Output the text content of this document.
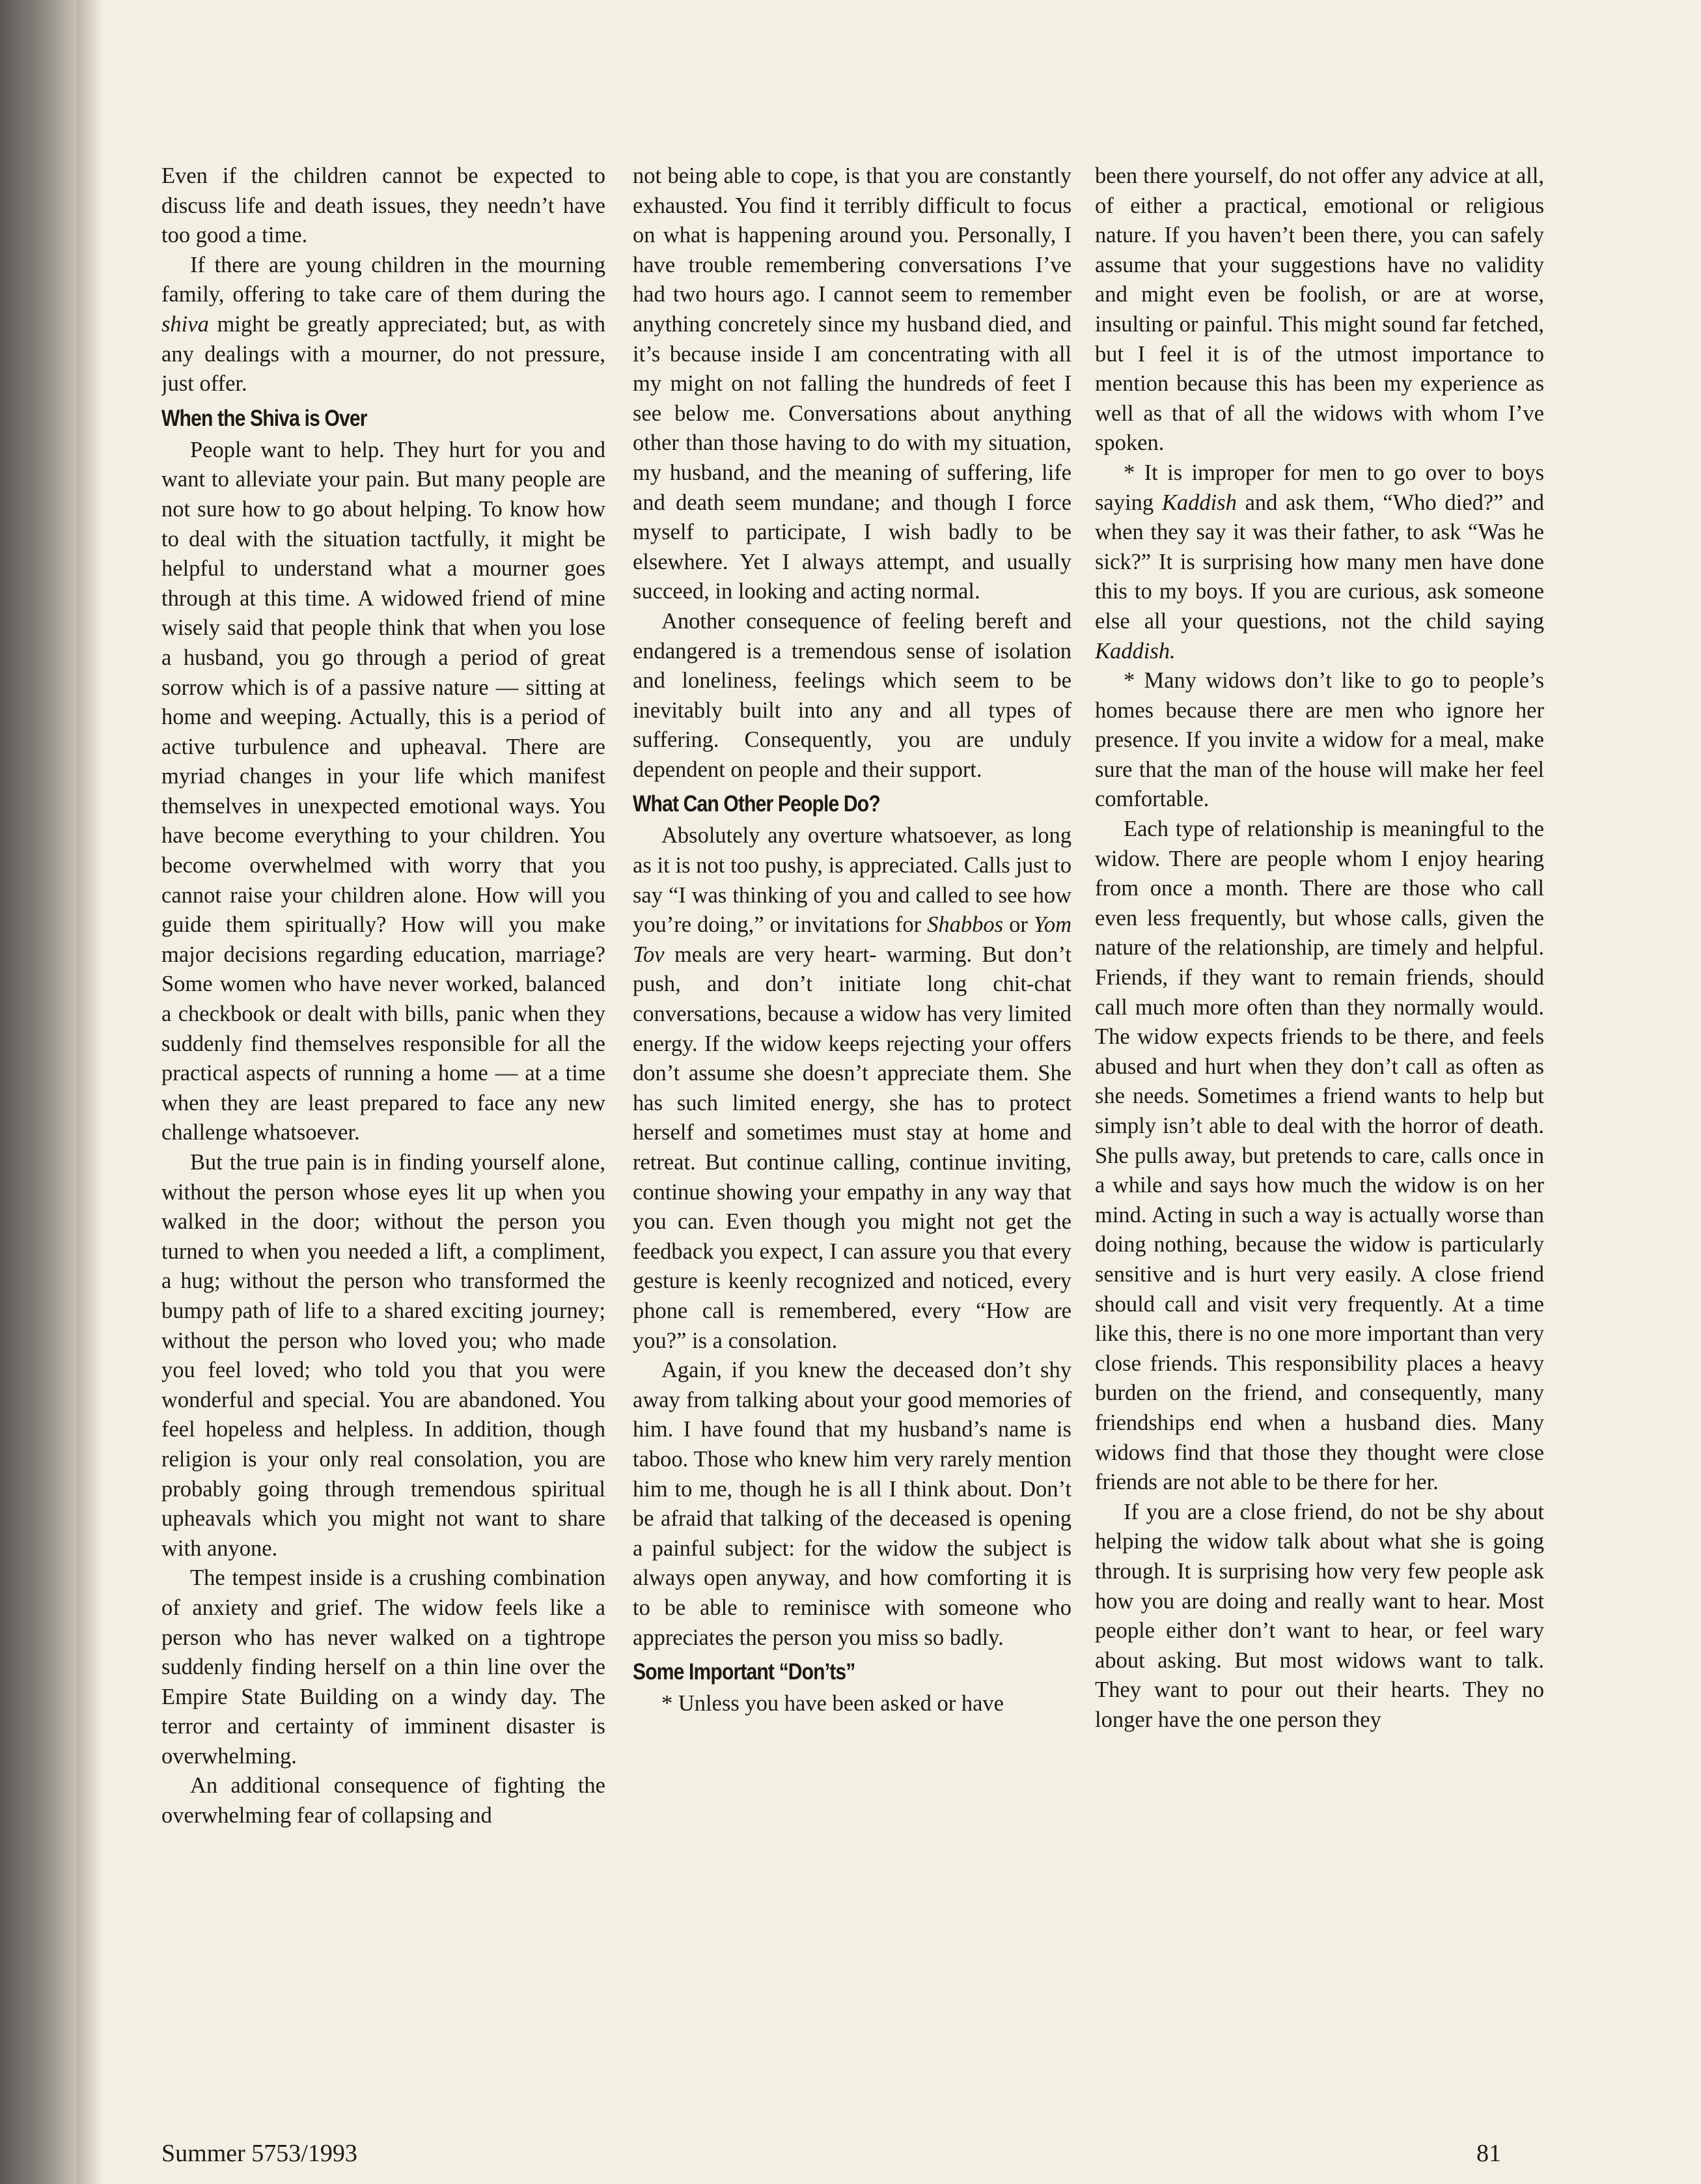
Even if the children cannot be expected to discuss life and death issues, they needn’t have too good a time.

If there are young children in the mourning family, offering to take care of them during the shiva might be greatly appreciated; but, as with any dealings with a mourner, do not pressure, just offer.

When the Shiva is Over

People want to help. They hurt for you and want to alleviate your pain. But many people are not sure how to go about helping. To know how to deal with the situation tactfully, it might be helpful to understand what a mourner goes through at this time. A widowed friend of mine wisely said that people think that when you lose a husband, you go through a period of great sorrow which is of a passive nature — sitting at home and weeping. Actually, this is a period of active turbulence and upheaval. There are myriad changes in your life which manifest themselves in unexpected emotional ways. You have become everything to your children. You become overwhelmed with worry that you cannot raise your children alone. How will you guide them spiritually? How will you make major decisions regarding education, marriage? Some women who have never worked, balanced a checkbook or dealt with bills, panic when they suddenly find themselves responsible for all the practical aspects of running a home — at a time when they are least prepared to face any new challenge whatsoever.

But the true pain is in finding yourself alone, without the person whose eyes lit up when you walked in the door; without the person you turned to when you needed a lift, a compliment, a hug; without the person who transformed the bumpy path of life to a shared exciting journey; without the person who loved you; who made you feel loved; who told you that you were wonderful and special. You are abandoned. You feel hopeless and helpless. In addition, though religion is your only real consolation, you are probably going through tremendous spiritual upheavals which you might not want to share with anyone.

The tempest inside is a crushing combination of anxiety and grief. The widow feels like a person who has never walked on a tightrope suddenly finding herself on a thin line over the Empire State Building on a windy day. The terror and certainty of imminent disaster is overwhelming.

An additional consequence of fighting the overwhelming fear of collapsing and

not being able to cope, is that you are constantly exhausted. You find it terribly difficult to focus on what is happening around you. Personally, I have trouble remembering conversations I’ve had two hours ago. I cannot seem to remember anything concretely since my husband died, and it’s because inside I am concentrating with all my might on not falling the hundreds of feet I see below me. Conversations about anything other than those having to do with my situation, my husband, and the meaning of suffering, life and death seem mundane; and though I force myself to participate, I wish badly to be elsewhere. Yet I always attempt, and usually succeed, in looking and acting normal.

Another consequence of feeling bereft and endangered is a tremendous sense of isolation and loneliness, feelings which seem to be inevitably built into any and all types of suffering. Consequently, you are unduly dependent on people and their support.

What Can Other People Do?

Absolutely any overture whatsoever, as long as it is not too pushy, is appreciated. Calls just to say “I was thinking of you and called to see how you’re doing,” or invitations for Shabbos or Yom Tov meals are very heart- warming. But don’t push, and don’t initiate long chit-chat conversations, because a widow has very limited energy. If the widow keeps rejecting your offers don’t assume she doesn’t appreciate them. She has such limited energy, she has to protect herself and sometimes must stay at home and retreat. But continue calling, continue inviting, continue showing your empathy in any way that you can. Even though you might not get the feedback you expect, I can assure you that every gesture is keenly recognized and noticed, every phone call is remembered, every “How are you?” is a consolation.

Again, if you knew the deceased don’t shy away from talking about your good memories of him. I have found that my husband’s name is taboo. Those who knew him very rarely mention him to me, though he is all I think about. Don’t be afraid that talking of the deceased is opening a painful subject: for the widow the subject is always open anyway, and how comforting it is to be able to reminisce with someone who appreciates the person you miss so badly.

Some Important “Don’ts”

* Unless you have been asked or have

been there yourself, do not offer any advice at all, of either a practical, emotional or religious nature. If you haven’t been there, you can safely assume that your suggestions have no validity and might even be foolish, or are at worse, insulting or painful. This might sound far fetched, but I feel it is of the utmost importance to mention because this has been my experience as well as that of all the widows with whom I’ve spoken.

* It is improper for men to go over to boys saying Kaddish and ask them, “Who died?” and when they say it was their father, to ask “Was he sick?” It is surprising how many men have done this to my boys. If you are curious, ask someone else all your questions, not the child saying Kaddish.

* Many widows don’t like to go to people’s homes because there are men who ignore her presence. If you invite a widow for a meal, make sure that the man of the house will make her feel comfortable.

Each type of relationship is meaningful to the widow. There are people whom I enjoy hearing from once a month. There are those who call even less frequently, but whose calls, given the nature of the relationship, are timely and helpful. Friends, if they want to remain friends, should call much more often than they normally would. The widow expects friends to be there, and feels abused and hurt when they don’t call as often as she needs. Sometimes a friend wants to help but simply isn’t able to deal with the horror of death. She pulls away, but pretends to care, calls once in a while and says how much the widow is on her mind. Acting in such a way is actually worse than doing nothing, because the widow is particularly sensitive and is hurt very easily. A close friend should call and visit very frequently. At a time like this, there is no one more important than very close friends. This responsibility places a heavy burden on the friend, and consequently, many friendships end when a husband dies. Many widows find that those they thought were close friends are not able to be there for her.

If you are a close friend, do not be shy about helping the widow talk about what she is going through. It is surprising how very few people ask how you are doing and really want to hear. Most people either don’t want to hear, or feel wary about asking. But most widows want to talk. They want to pour out their hearts. They no longer have the one person they

Summer 5753/1993	81
